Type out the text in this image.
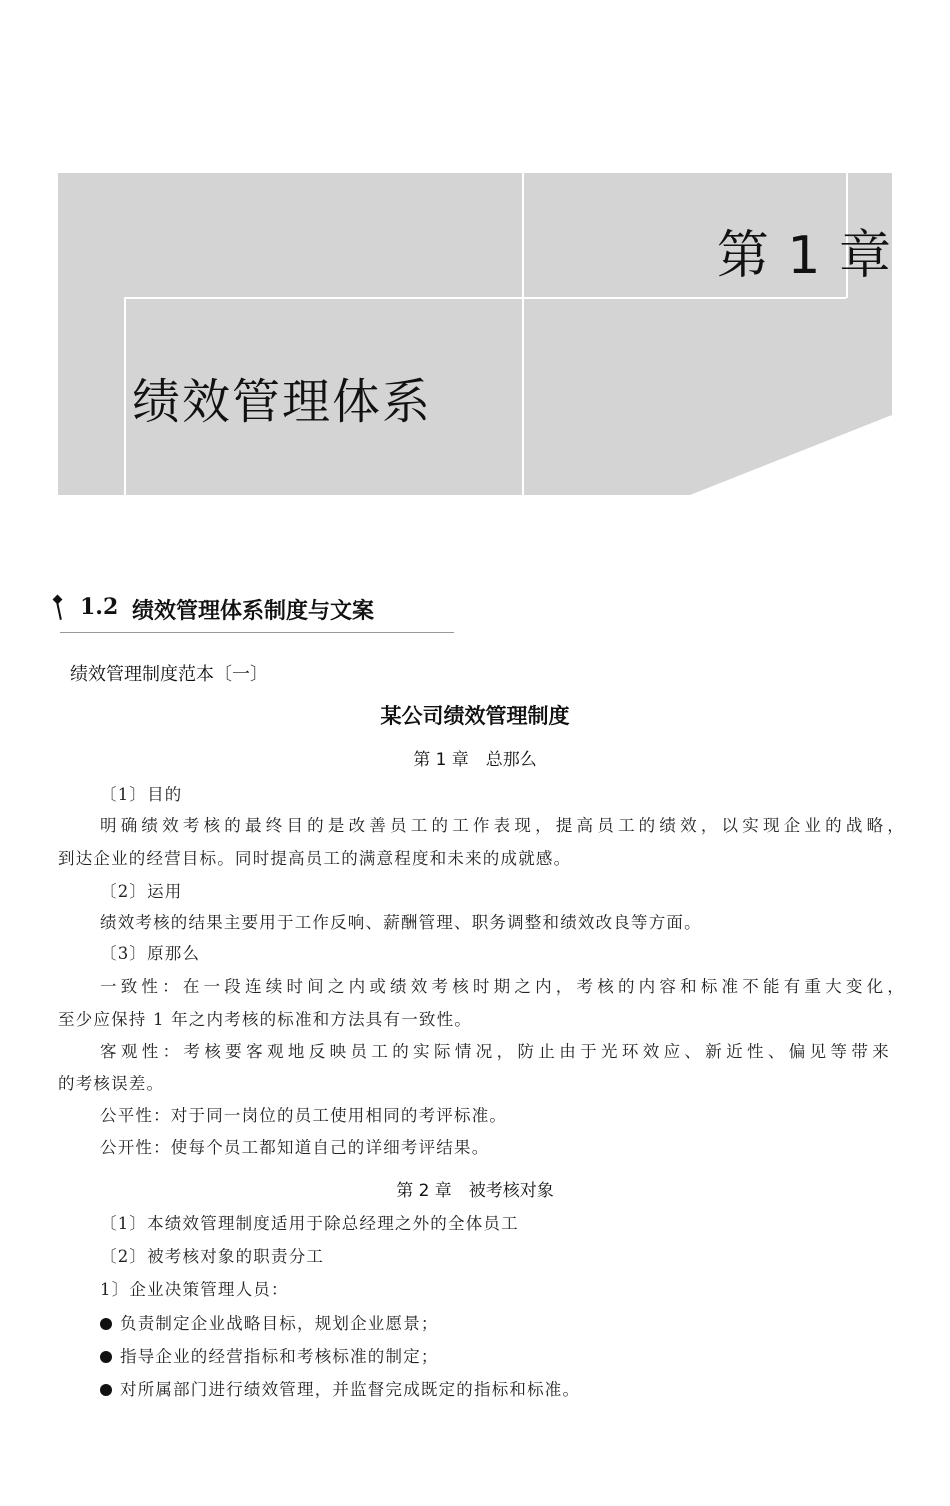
第 1 章
绩效管理体系
1.2 绩效管理体系制度与文案
绩效管理制度范本〔一〕
某公司绩效管理制度
第 1 章　总那么
〔1〕目的
明确绩效考核的最终目的是改善员工的工作表现，提高员工的绩效，以实现企业的战略，
到达企业的经营目标。同时提高员工的满意程度和未来的成就感。
〔2〕运用
绩效考核的结果主要用于工作反响、薪酬管理、职务调整和绩效改良等方面。
〔3〕原那么
一致性：在一段连续时间之内或绩效考核时期之内，考核的内容和标准不能有重大变化，
至少应保持 1 年之内考核的标准和方法具有一致性。
客观性：考核要客观地反映员工的实际情况，防止由于光环效应、新近性、偏见等带来
的考核误差。
公平性：对于同一岗位的员工使用相同的考评标准。
公开性：使每个员工都知道自己的详细考评结果。
第 2 章　被考核对象
〔1〕本绩效管理制度适用于除总经理之外的全体员工
〔2〕被考核对象的职责分工
1〕企业决策管理人员：
负责制定企业战略目标，规划企业愿景；
指导企业的经营指标和考核标准的制定；
对所属部门进行绩效管理，并监督完成既定的指标和标准。
